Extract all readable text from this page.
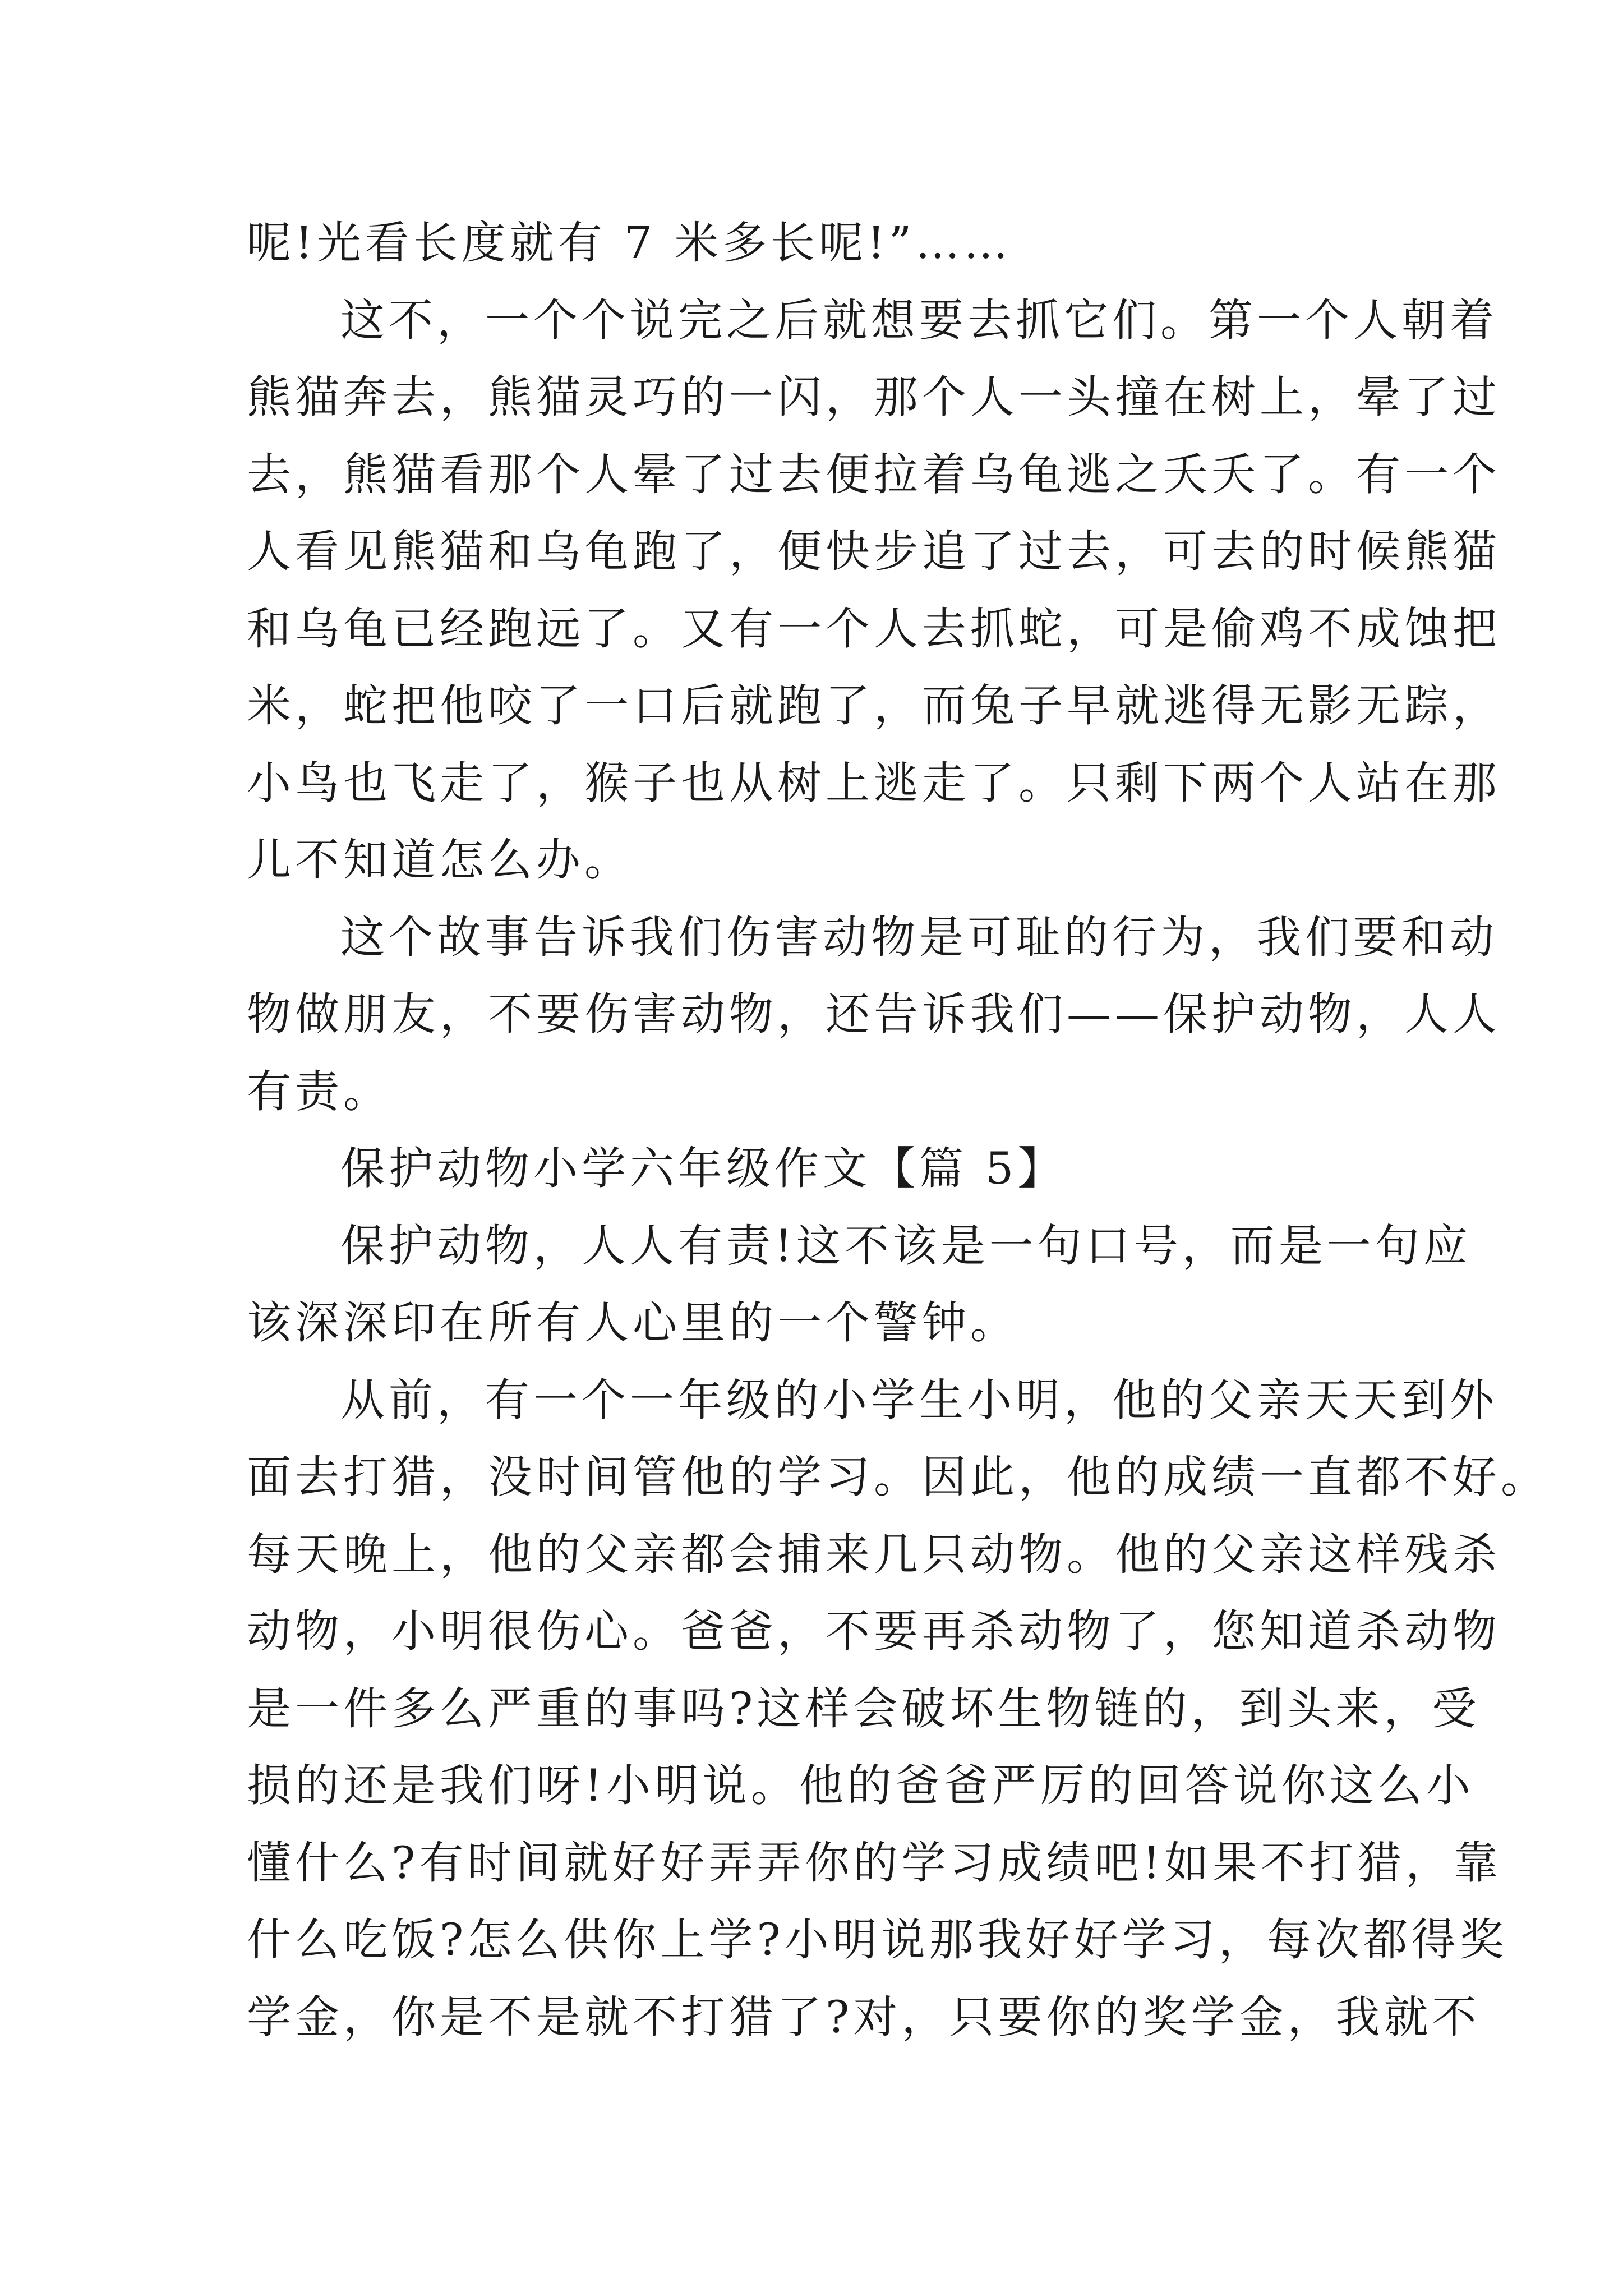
呢!光看长度就有 7 米多长呢!”……
这不，一个个说完之后就想要去抓它们。第一个人朝着
熊猫奔去，熊猫灵巧的一闪，那个人一头撞在树上，晕了过
去，熊猫看那个人晕了过去便拉着乌龟逃之夭夭了。有一个
人看见熊猫和乌龟跑了，便快步追了过去，可去的时候熊猫
和乌龟已经跑远了。又有一个人去抓蛇，可是偷鸡不成蚀把
米，蛇把他咬了一口后就跑了，而兔子早就逃得无影无踪，
小鸟也飞走了，猴子也从树上逃走了。只剩下两个人站在那
儿不知道怎么办。
这个故事告诉我们伤害动物是可耻的行为，我们要和动
物做朋友，不要伤害动物，还告诉我们——保护动物，人人
有责。
保护动物小学六年级作文【篇 5】
保护动物，人人有责!这不该是一句口号，而是一句应
该深深印在所有人心里的一个警钟。
从前，有一个一年级的小学生小明，他的父亲天天到外
面去打猎，没时间管他的学习。因此，他的成绩一直都不好。
每天晚上，他的父亲都会捕来几只动物。他的父亲这样残杀
动物，小明很伤心。爸爸，不要再杀动物了，您知道杀动物
是一件多么严重的事吗?这样会破坏生物链的，到头来，受
损的还是我们呀!小明说。他的爸爸严厉的回答说你这么小
懂什么?有时间就好好弄弄你的学习成绩吧!如果不打猎，靠
什么吃饭?怎么供你上学?小明说那我好好学习，每次都得奖
学金，你是不是就不打猎了?对，只要你的奖学金，我就不
